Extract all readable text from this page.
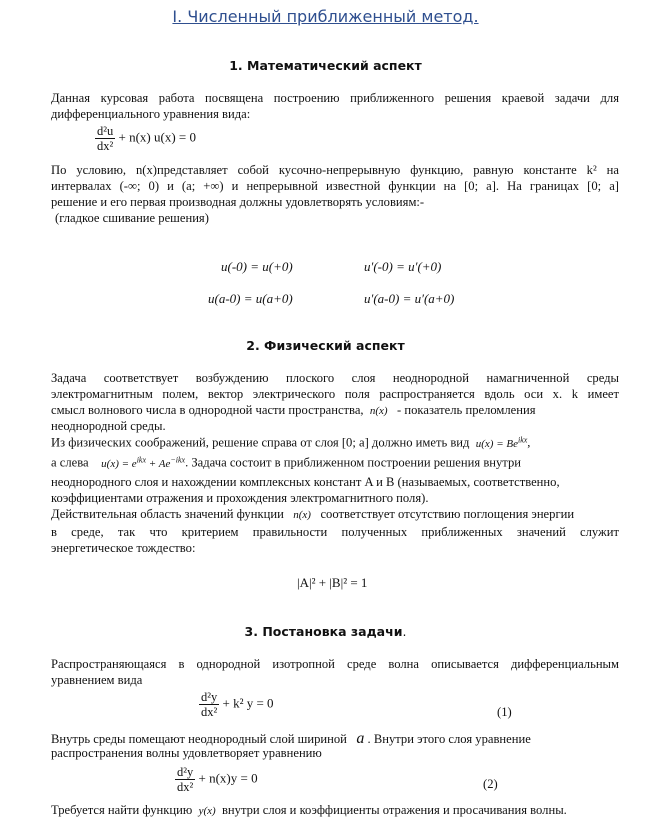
I. Численный приближенный метод.
1. Математический аспект
Данная курсовая работа посвящена построению приближенного решения краевой задачи для дифференциального уравнения вида:
$\frac{\text{d²u}}{\text{dx²}} + n(x) u(x) = 0$
По условию, n(x)представляет собой кусочно-непрерывную функцию, равную константе k² на
интервалах (-∞; 0) и (a; +∞) и непрерывной известной функции на [0; a]. На границах [0; a]
решение и его первая производная должны удовлетворять условиям:-
(гладкое сшивание решения)
u(-0) = u(+0)	u′(-0) = u′(+0)
u(a-0) = u(a+0)	u′(a-0) = u′(a+0)
2. Физический аспект
Задача соответствует возбуждению плоского слоя неоднородной намагниченной среды
электромагнитным полем, вектор электрического поля распространяется вдоль оси x. k имеет
смысл волнового числа в однородной части пространства, n(x) - показатель преломления
неоднородной среды.
Из физических соображений, решение справа от слоя [0; a] должно иметь вид $u(x) = Be^{ikx}$,
а слева $u(x) = e^{ikx} + Ae^{-ikx}$. Задача состоит в приближенном построении решения внутри
неоднородного слоя и нахождении комплексных констант A и B (называемых, соответственно,
коэффициентами отражения и прохождения электромагнитного поля).
Действительная область значений функции n(x) соответствует отсутствию поглощения энергии
в среде, так что критерием правильности полученных приближенных значений служит
энергетическое тождество:
|A|² + |B|² = 1
3. Постановка задачи.
Распространяющаяся в однородной изотропной среде волна описывается дифференциальным
уравнением вида
$\frac{\text{d²y}}{\text{dx²}} + k^2$ y = 0
(1)
Внутрь среды помещают неоднородный слой шириной a . Внутри этого слоя уравнение
распространения волны удовлетворяет уравнению
$\frac{\text{d²y}}{\text{dx²}} + n(x)y = 0$	(2)
Требуется найти функцию y(x) внутри слоя и коэффициенты отражения и просачивания волны.
